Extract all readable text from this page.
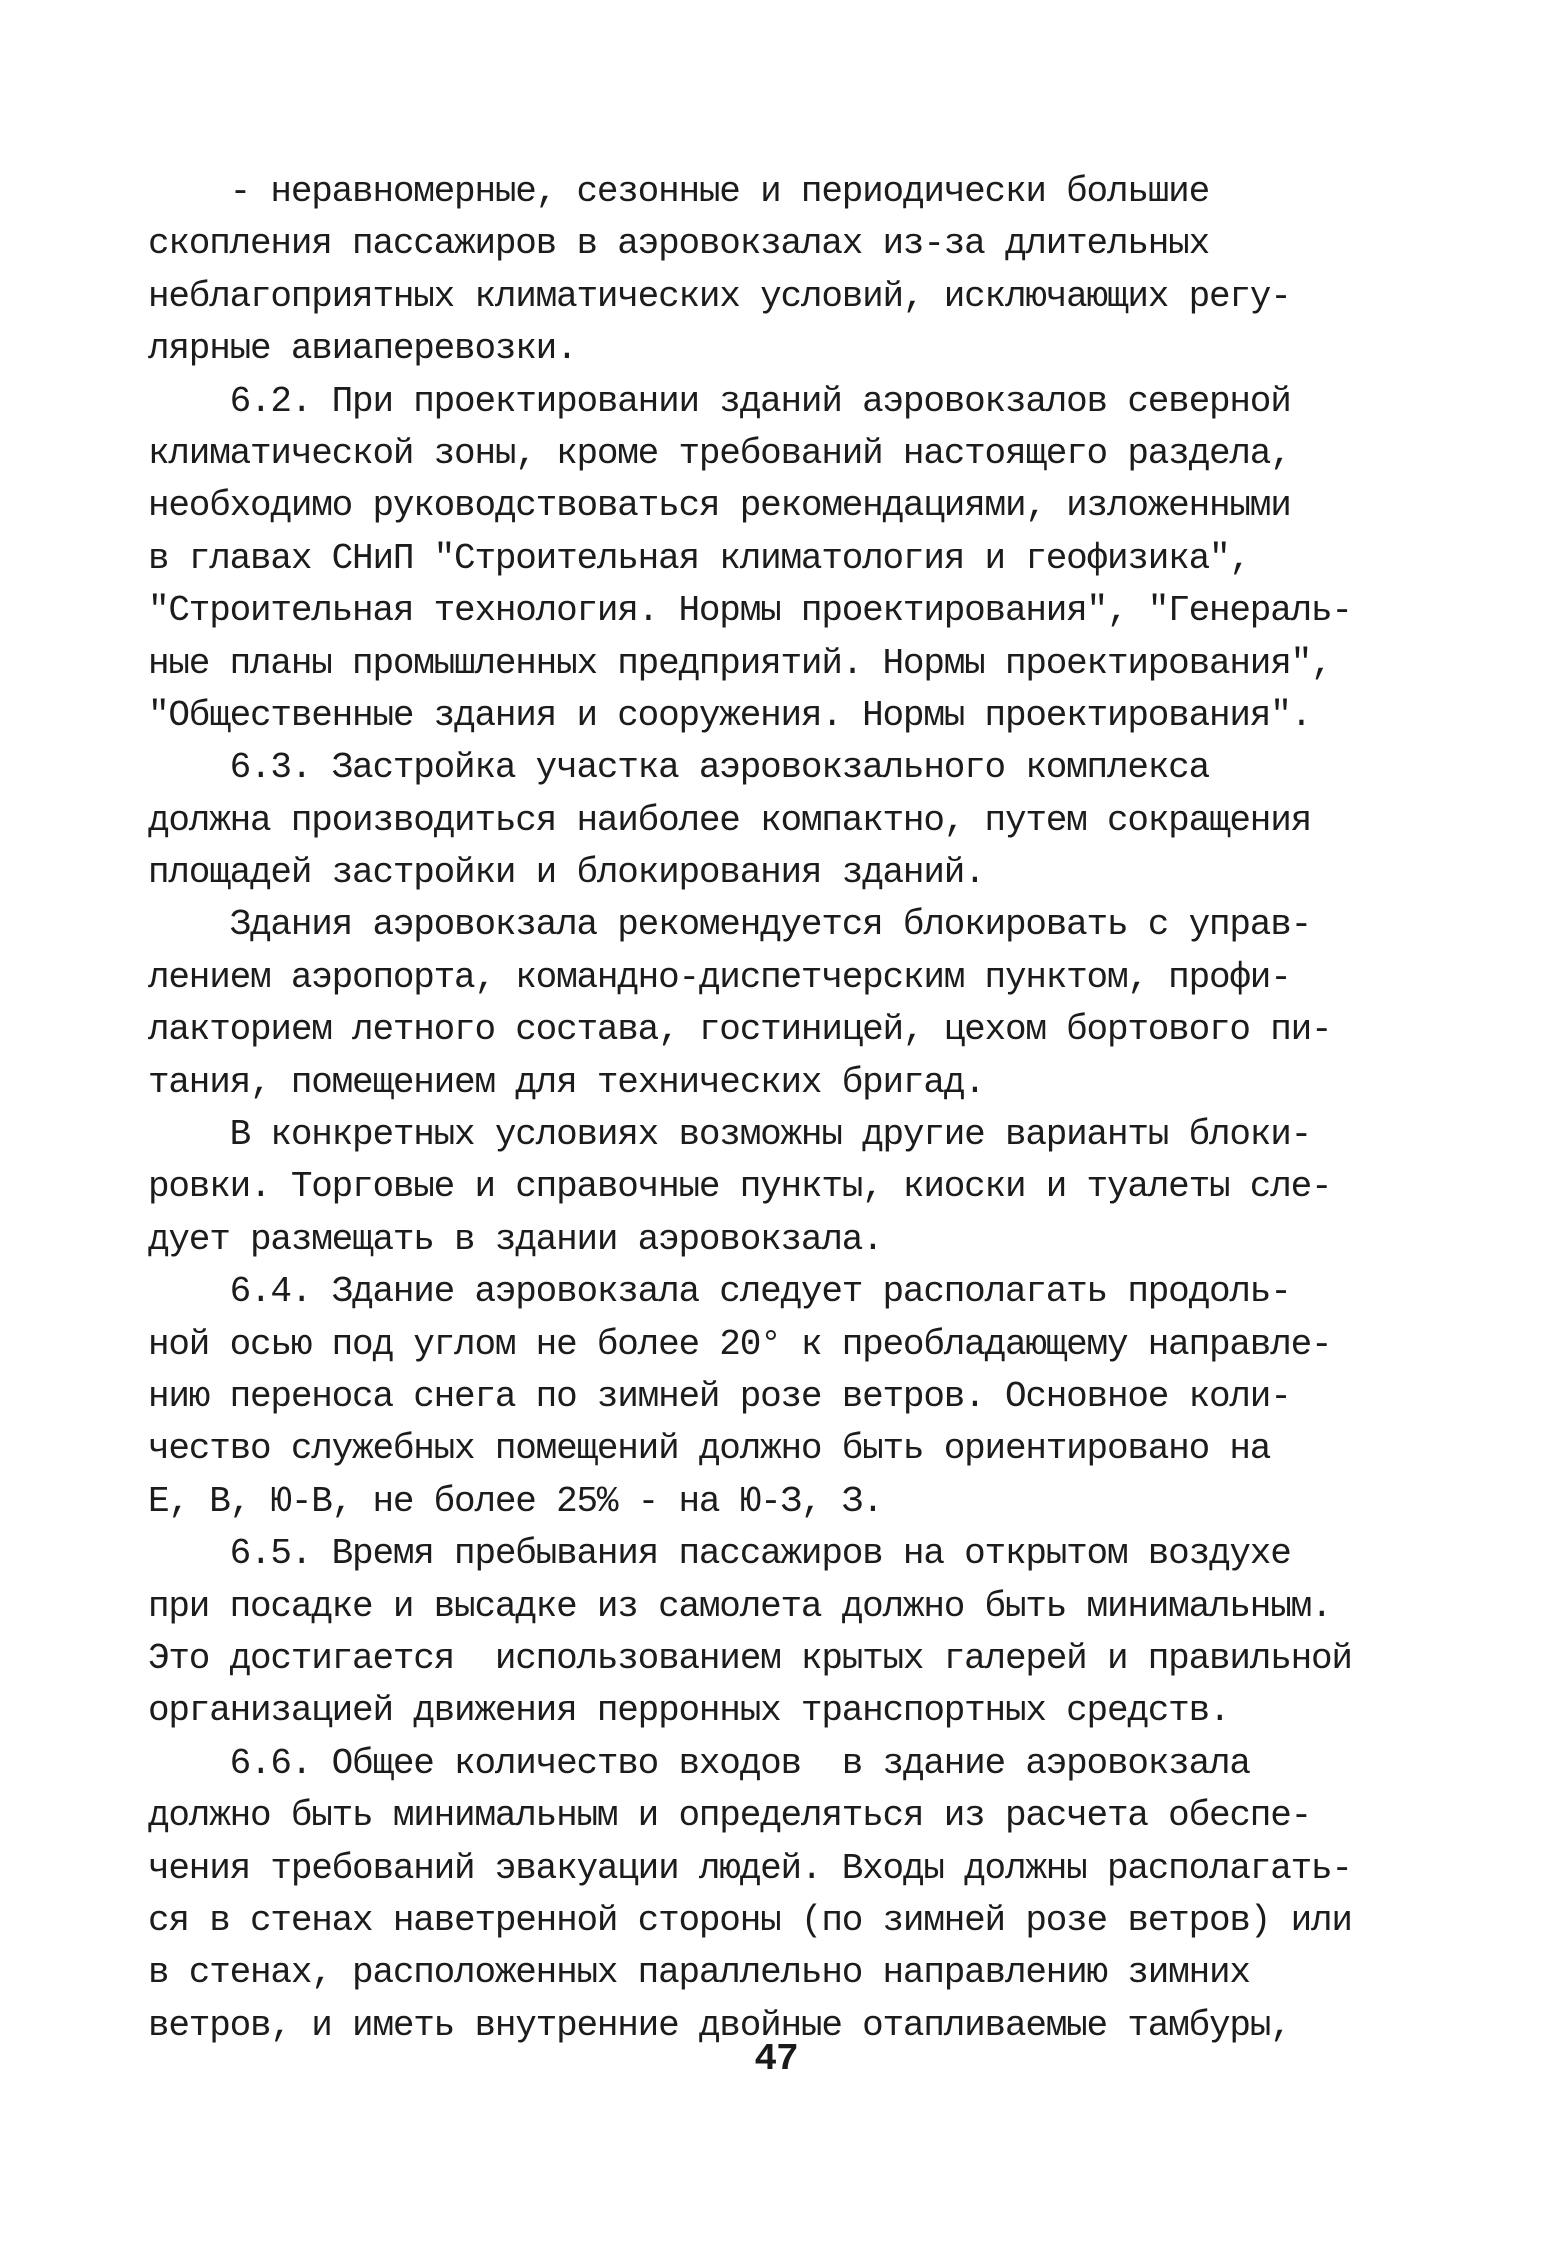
- неравномерные, сезонные и периодически большие
скопления пассажиров в аэровокзалах из-за длительных
неблагоприятных климатических условий, исключающих регу-
лярные авиаперевозки.
6.2. При проектировании зданий аэровокзалов северной
климатической зоны, кроме требований настоящего раздела,
необходимо руководствоваться рекомендациями, изложенными
в главах СНиП "Строительная климатология и геофизика",
"Строительная технология. Нормы проектирования", "Генераль-
ные планы промышленных предприятий. Нормы проектирования",
"Общественные здания и сооружения. Нормы проектирования".
6.3. Застройка участка аэровокзального комплекса
должна производиться наиболее компактно, путем сокращения
площадей застройки и блокирования зданий.
Здания аэровокзала рекомендуется блокировать с управ-
лением аэропорта, командно-диспетчерским пунктом, профи-
лакторием летного состава, гостиницей, цехом бортового пи-
тания, помещением для технических бригад.
В конкретных условиях возможны другие варианты блоки-
ровки. Торговые и справочные пункты, киоски и туалеты сле-
дует размещать в здании аэровокзала.
6.4. Здание аэровокзала следует располагать продоль-
ной осью под углом не более 20° к преобладающему направле-
нию переноса снега по зимней розе ветров. Основное коли-
чество служебных помещений должно быть ориентировано на
Е, В, Ю-В, не более 25% - на Ю-З, З.
6.5. Время пребывания пассажиров на открытом воздухе
при посадке и высадке из самолета должно быть минимальным.
Это достигается  использованием крытых галерей и правильной
организацией движения перронных транспортных средств.
6.6. Общее количество входов  в здание аэровокзала
должно быть минимальным и определяться из расчета обеспе-
чения требований эвакуации людей. Входы должны располагать-
ся в стенах наветренной стороны (по зимней розе ветров) или
в стенах, расположенных параллельно направлению зимних
ветров, и иметь внутренние двойные отапливаемые тамбуры,
47
